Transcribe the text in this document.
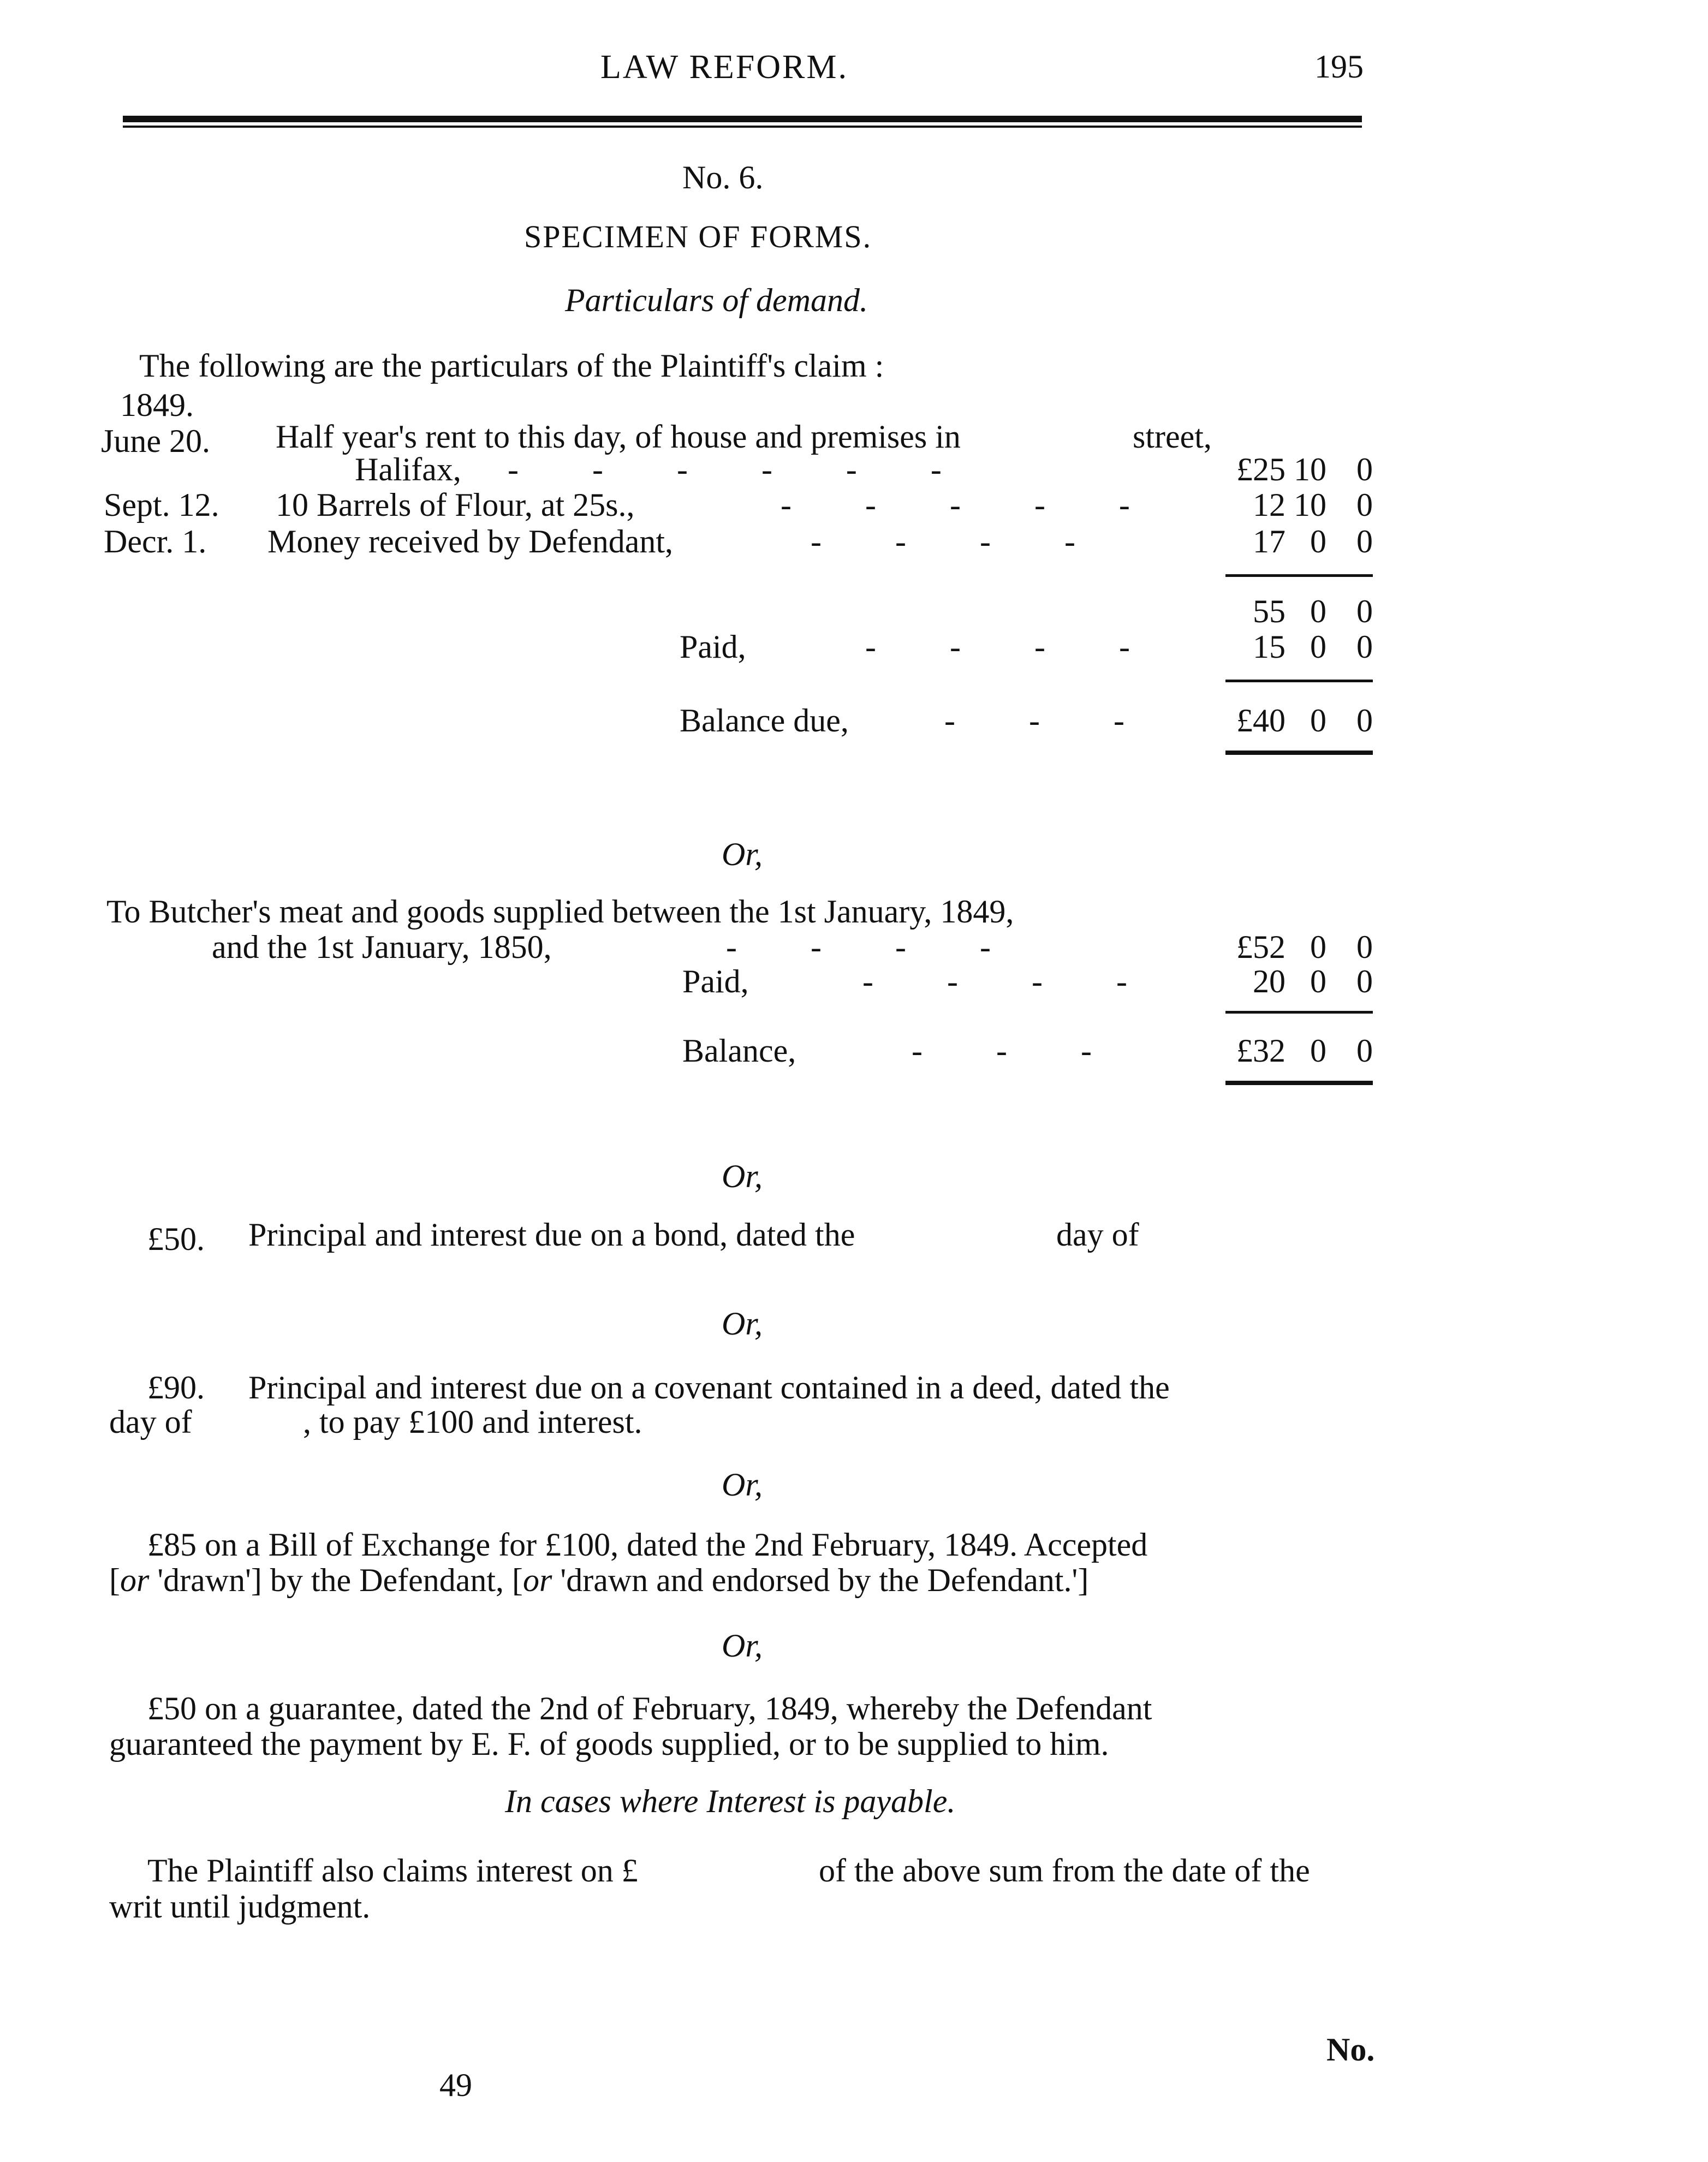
LAW REFORM.	195
No. 6.
SPECIMEN OF FORMS.
Particulars of demand.
The following are the particulars of the Plaintiff's claim :
1849.
June 20. Half year's rent to this day, of house and premises in	street,
Halifax, -         -         -         -         -         -	£25 10 0
Sept. 12. 10 Barrels of Flour, at 25s.,	-         -         -         -         -	12 10 0
Decr. 1. Money received by Defendant,	-         -         -         -	17 0 0
55 0 0
Paid,	-         -         -         -	15 0 0
Balance due,	-         -         -	£40 0 0
Or,
To Butcher's meat and goods supplied between the 1st January, 1849,
and the 1st January, 1850,	-         -         -         -	£52 0 0
Paid,	-         -         -         -	20 0 0
Balance,	-         -         -	£32 0 0
Or,
£50. Principal and interest due on a bond, dated the	day of
Or,
£90. Principal and interest due on a covenant contained in a deed, dated the
day of	, to pay £100 and interest.
Or,
£85 on a Bill of Exchange for £100, dated the 2nd February, 1849. Accepted
[or 'drawn'] by the Defendant, [or 'drawn and endorsed by the Defendant.']
Or,
£50 on a guarantee, dated the 2nd of February, 1849, whereby the Defendant
guaranteed the payment by E. F. of goods supplied, or to be supplied to him.
In cases where Interest is payable.
The Plaintiff also claims interest on £	of the above sum from the date of the
writ until judgment.
49
No.
